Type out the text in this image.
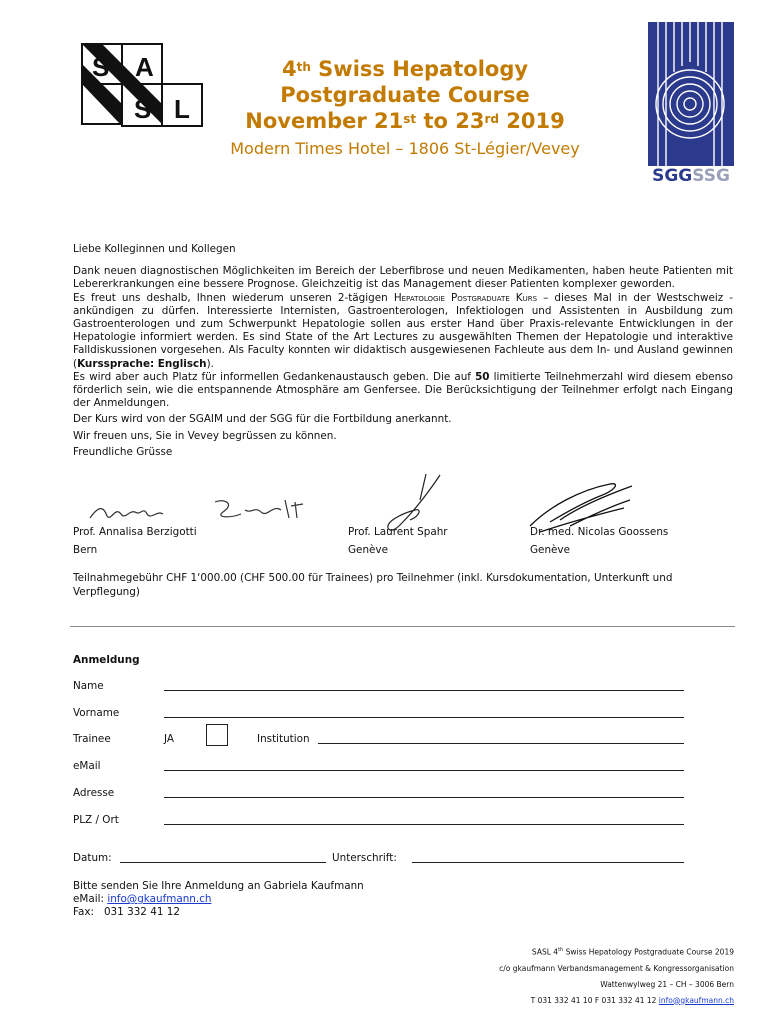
S A
S L
4th Swiss Hepatology
Postgraduate Course
November 21st to 23rd 2019
Modern Times Hotel – 1806 St-Légier/Vevey
SGGSSG

Liebe Kolleginnen und Kollegen

Dank neuen diagnostischen Möglichkeiten im Bereich der Leberfibrose und neuen Medikamenten, haben heute Patienten mit Lebererkrankungen eine bessere Prognose. Gleichzeitig ist das Management dieser Patienten komplexer geworden.

Es freut uns deshalb, Ihnen wiederum unseren 2-tägigen Hepatologie Postgraduate Kurs – dieses Mal in der Westschweiz - ankündigen zu dürfen. Interessierte Internisten, Gastroenterologen, Infektiologen und Assistenten in Ausbildung zum Gastroenterologen und zum Schwerpunkt Hepatologie sollen aus erster Hand über Praxis-relevante Entwicklungen in der Hepatologie informiert werden. Es sind State of the Art Lectures zu ausgewählten Themen der Hepatologie und interaktive Falldiskussionen vorgesehen. Als Faculty konnten wir didaktisch ausgewiesenen Fachleute aus dem In- und Ausland gewinnen (Kurssprache: Englisch).

Es wird aber auch Platz für informellen Gedankenaustausch geben. Die auf 50 limitierte Teilnehmerzahl wird diesem ebenso förderlich sein, wie die entspannende Atmosphäre am Genfersee. Die Berücksichtigung der Teilnehmer erfolgt nach Eingang der Anmeldungen.

Der Kurs wird von der SGAIM und der SGG für die Fortbildung anerkannt.

Wir freuen uns, Sie in Vevey begrüssen zu können.

Freundliche Grüsse

Prof. Annalisa Berzigotti
Bern
Prof. Laurent Spahr
Genève
Dr. med. Nicolas Goossens
Genève
Teilnahmegebühr CHF 1‘000.00 (CHF 500.00 für Trainees) pro Teilnehmer (inkl. Kursdokumentation, Unterkunft und Verpflegung)
Anmeldung
Name
Vorname
Trainee	JA	Institution
eMail
Adresse
PLZ / Ort
Datum:	Unterschrift:
Bitte senden Sie Ihre Anmeldung an Gabriela Kaufmann
eMail: info@gkaufmann.ch
Fax:   031 332 41 12
SASL 4th Swiss Hepatology Postgraduate Course 2019
c/o gkaufmann Verbandsmanagement & Kongressorganisation
Wattenwylweg 21 – CH – 3006 Bern
T 031 332 41 10 F 031 332 41 12 info@gkaufmann.ch
